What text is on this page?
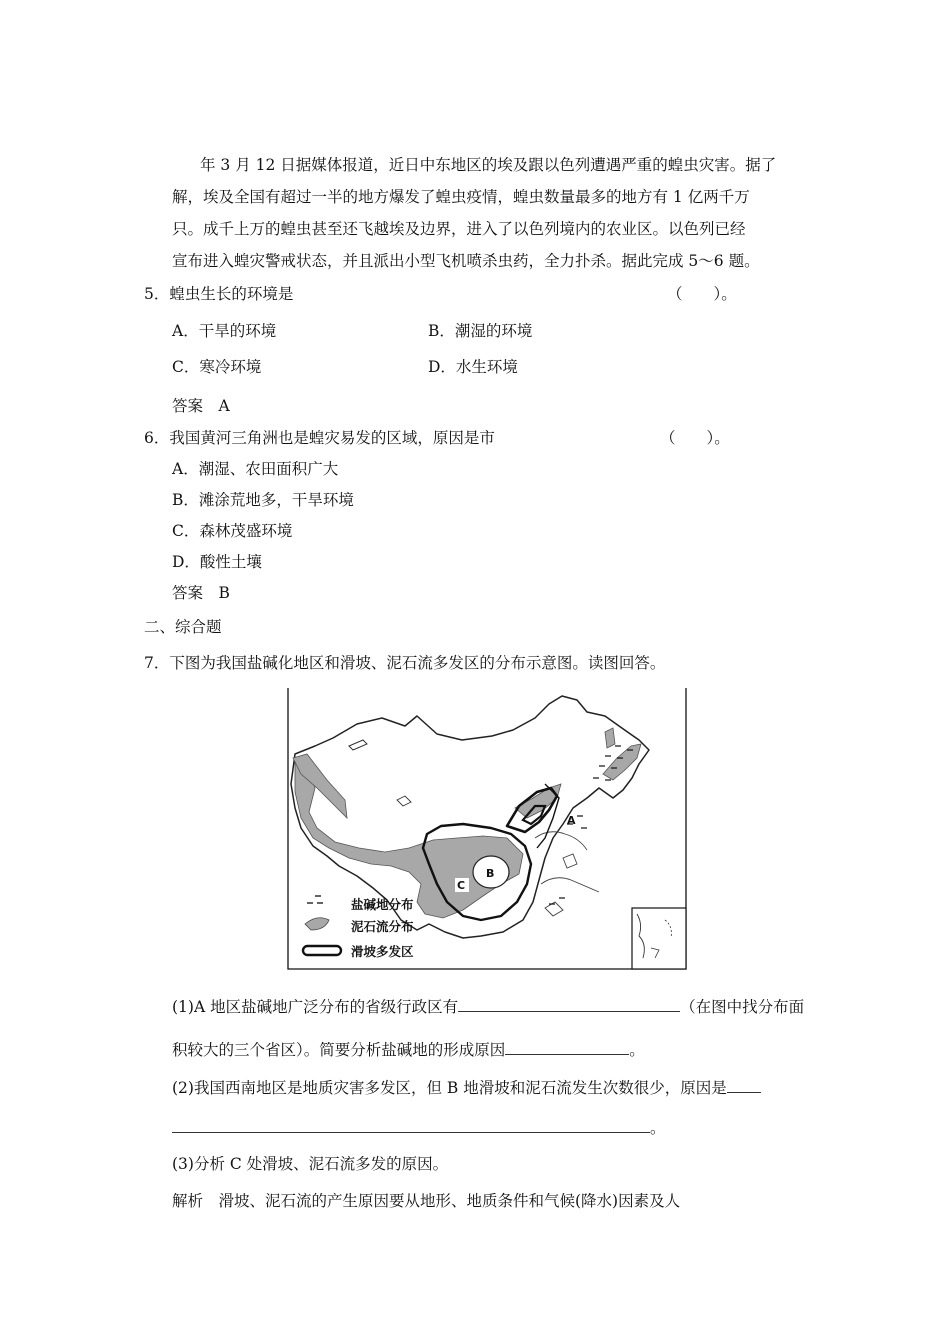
年 3 月 12 日据媒体报道，近日中东地区的埃及跟以色列遭遇严重的蝗虫灾害。据了
解，埃及全国有超过一半的地方爆发了蝗虫疫情，蝗虫数量最多的地方有 1 亿两千万
只。成千上万的蝗虫甚至还飞越埃及边界，进入了以色列境内的农业区。以色列已经
宣布进入蝗灾警戒状态，并且派出小型飞机喷杀虫药，全力扑杀。据此完成 5～6 题。
5．蝗虫生长的环境是	（　　）。
A．干旱的环境	B．潮湿的环境
C．寒冷环境	D．水生环境
答案　A
6．我国黄河三角洲也是蝗灾易发的区域，原因是市	（　　）。
A．潮湿、农田面积广大
B．滩涂荒地多，干旱环境
C．森林茂盛环境
D．酸性土壤
答案　B
二、综合题
7．下图为我国盐碱化地区和滑坡、泥石流多发区的分布示意图。读图回答。
A
B
C
盐碱地分布
泥石流分布
滑坡多发区
(1)A 地区盐碱地广泛分布的省级行政区有	（在图中找分布面
积较大的三个省区）。简要分析盐碱地的形成原因	。
(2)我国西南地区是地质灾害多发区，但 B 地滑坡和泥石流发生次数很少，原因是
。
(3)分析 C 处滑坡、泥石流多发的原因。
解析　滑坡、泥石流的产生原因要从地形、地质条件和气候(降水)因素及人
